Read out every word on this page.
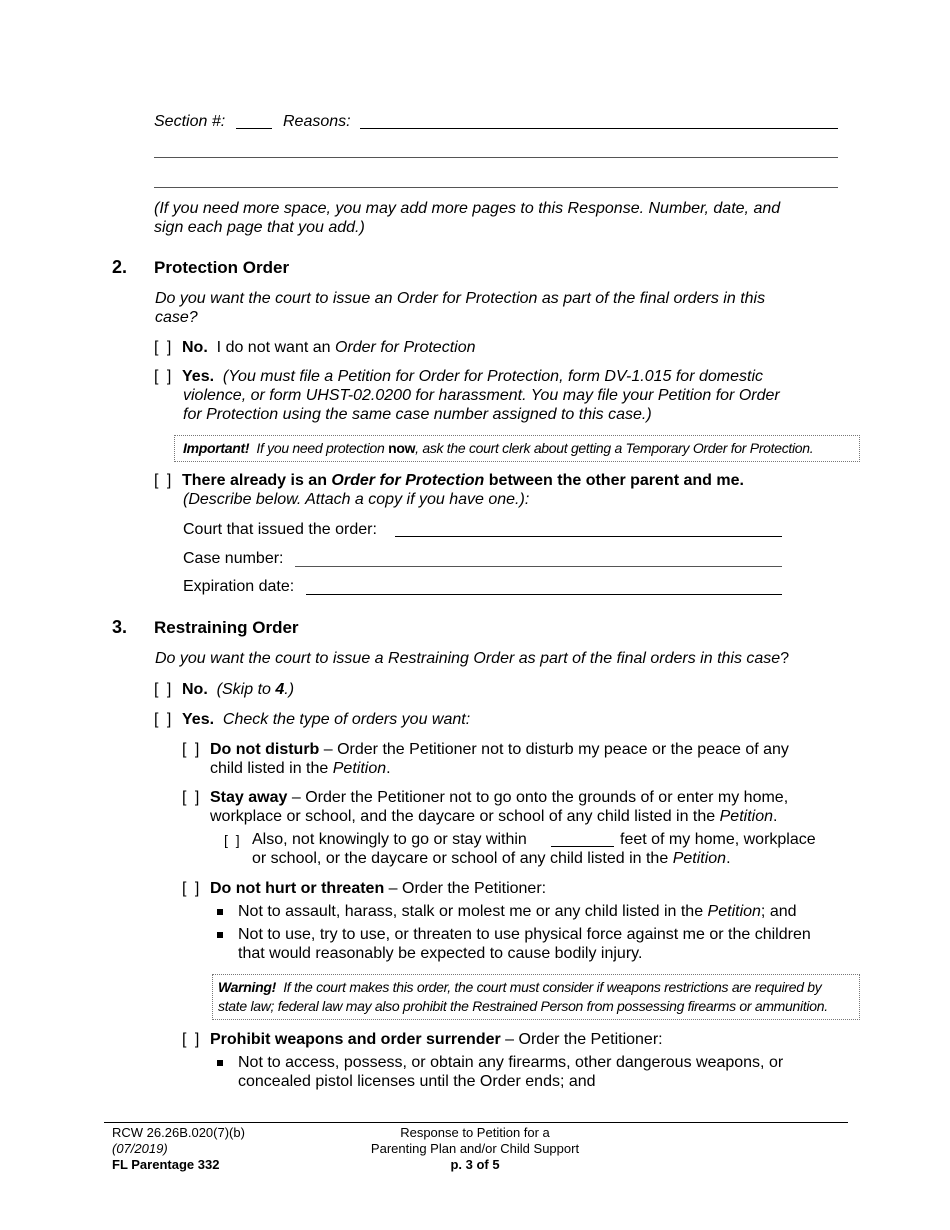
Section #:	Reasons:
(If you need more space, you may add more pages to this Response. Number, date, and
sign each page that you add.)
2. Protection Order
Do you want the court to issue an Order for Protection as part of the final orders in this
case?
[ ] No. I do not want an Order for Protection
[ ] Yes. (You must file a Petition for Order for Protection, form DV-1.015 for domestic
violence, or form UHST-02.0200 for harassment. You may file your Petition for Order
for Protection using the same case number assigned to this case.)
Important! If you need protection now, ask the court clerk about getting a Temporary Order for Protection.
[ ] There already is an Order for Protection between the other parent and me.
(Describe below. Attach a copy if you have one.):
Court that issued the order:
Case number:
Expiration date:
3. Restraining Order
Do you want the court to issue a Restraining Order as part of the final orders in this case?
[ ] No. (Skip to 4.)
[ ] Yes. Check the type of orders you want:
[ ] Do not disturb – Order the Petitioner not to disturb my peace or the peace of any
child listed in the Petition.
[ ] Stay away – Order the Petitioner not to go onto the grounds of or enter my home,
workplace or school, and the daycare or school of any child listed in the Petition.
[ ] Also, not knowingly to go or stay within	feet of my home, workplace
or school, or the daycare or school of any child listed in the Petition.
[ ] Do not hurt or threaten – Order the Petitioner:
Not to assault, harass, stalk or molest me or any child listed in the Petition; and
Not to use, try to use, or threaten to use physical force against me or the children
that would reasonably be expected to cause bodily injury.
Warning! If the court makes this order, the court must consider if weapons restrictions are required by
state law; federal law may also prohibit the Restrained Person from possessing firearms or ammunition.
[ ] Prohibit weapons and order surrender – Order the Petitioner:
Not to access, possess, or obtain any firearms, other dangerous weapons, or
concealed pistol licenses until the Order ends; and
RCW 26.26B.020(7)(b)
(07/2019)
FL Parentage 332
Response to Petition for a
Parenting Plan and/or Child Support
p. 3 of 5
